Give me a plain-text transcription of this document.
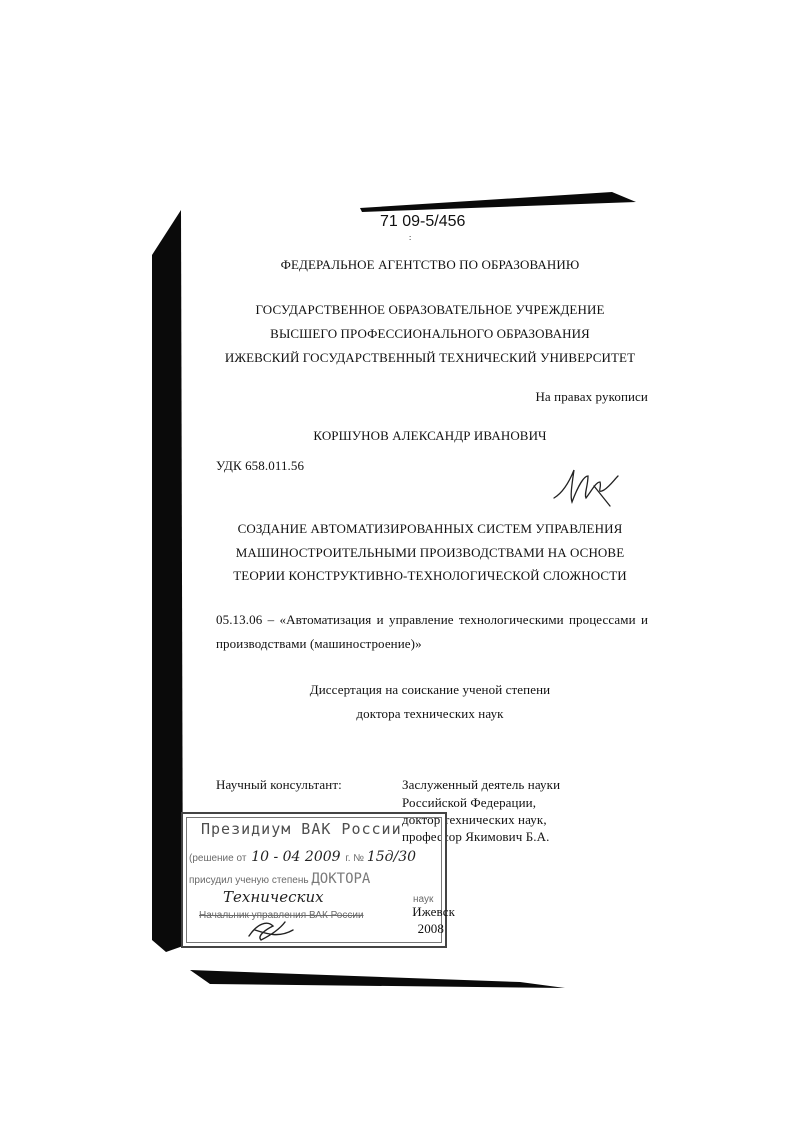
71 09-5/456
:
ФЕДЕРАЛЬНОЕ АГЕНТСТВО ПО ОБРАЗОВАНИЮ
ГОСУДАРСТВЕННОЕ ОБРАЗОВАТЕЛЬНОЕ УЧРЕЖДЕНИЕ
ВЫСШЕГО ПРОФЕССИОНАЛЬНОГО ОБРАЗОВАНИЯ
ИЖЕВСКИЙ ГОСУДАРСТВЕННЫЙ ТЕХНИЧЕСКИЙ УНИВЕРСИТЕТ
На правах рукописи
КОРШУНОВ АЛЕКСАНДР ИВАНОВИЧ
УДК 658.011.56
СОЗДАНИЕ АВТОМАТИЗИРОВАННЫХ СИСТЕМ УПРАВЛЕНИЯ
МАШИНОСТРОИТЕЛЬНЫМИ ПРОИЗВОДСТВАМИ НА ОСНОВЕ
ТЕОРИИ КОНСТРУКТИВНО-ТЕХНОЛОГИЧЕСКОЙ СЛОЖНОСТИ
05.13.06 – «Автоматизация и управление технологическими процессами и
производствами (машиностроение)»
Диссертация на соискание ученой степени
доктора технических наук
Научный консультант:	Заслуженный деятель науки
Российской Федерации,
доктор технических наук,
профессор Якимович Б.А.
Президиум ВАК России
(решение от 10 - 04 2009 г. № 15д/30
присудил ученую степень ДОКТОРА
Технических	наук
Начальник управления ВАК России	Ижевск
2008
